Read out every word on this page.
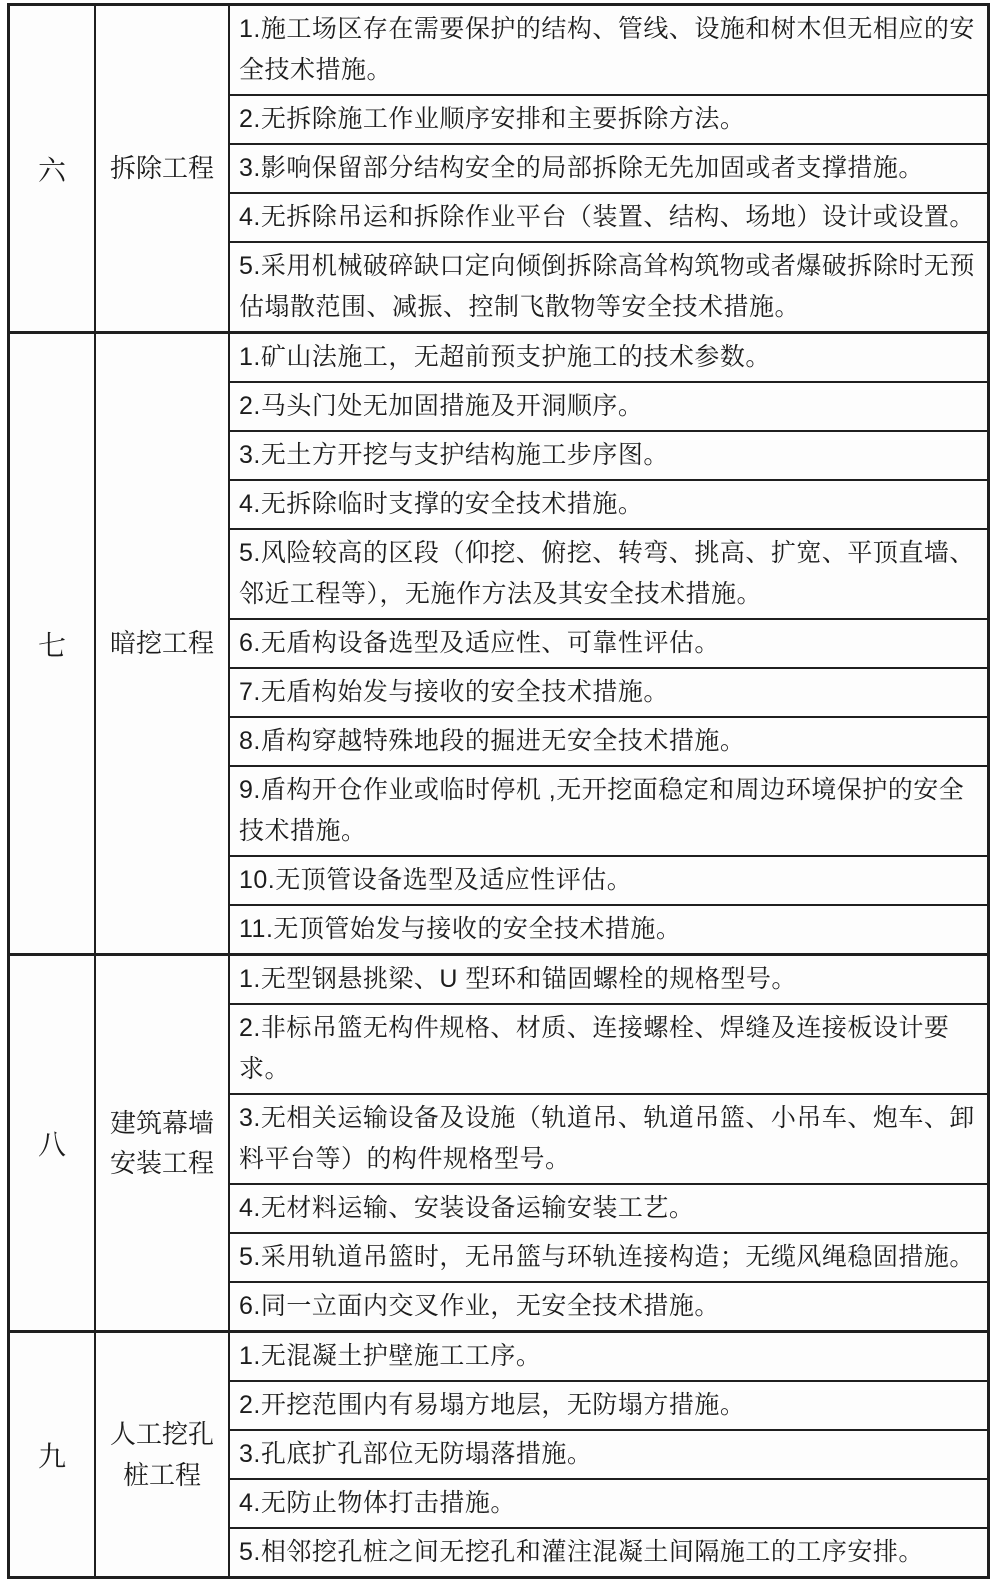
六	拆除工程
1.施工场区存在需要保护的结构、管线、设施和树木但无相应的安全技术措施。
2.无拆除施工作业顺序安排和主要拆除方法。
3.影响保留部分结构安全的局部拆除无先加固或者支撑措施。
4.无拆除吊运和拆除作业平台（装置、结构、场地）设计或设置。
5.采用机械破碎缺口定向倾倒拆除高耸构筑物或者爆破拆除时无预估塌散范围、减振、控制飞散物等安全技术措施。
七	暗挖工程
1.矿山法施工，无超前预支护施工的技术参数。
2.马头门处无加固措施及开洞顺序。
3.无土方开挖与支护结构施工步序图。
4.无拆除临时支撑的安全技术措施。
5.风险较高的区段（仰挖、俯挖、转弯、挑高、扩宽、平顶直墙、邻近工程等），无施作方法及其安全技术措施。
6.无盾构设备选型及适应性、可靠性评估。
7.无盾构始发与接收的安全技术措施。
8.盾构穿越特殊地段的掘进无安全技术措施。
9.盾构开仓作业或临时停机 ,无开挖面稳定和周边环境保护的安全技术措施。
10.无顶管设备选型及适应性评估。
11.无顶管始发与接收的安全技术措施。
八
建筑幕墙安装工程
1.无型钢悬挑梁、U 型环和锚固螺栓的规格型号。
2.非标吊篮无构件规格、材质、连接螺栓、焊缝及连接板设计要求。
3.无相关运输设备及设施（轨道吊、轨道吊篮、小吊车、炮车、卸料平台等）的构件规格型号。
4.无材料运输、安装设备运输安装工艺。
5.采用轨道吊篮时，无吊篮与环轨连接构造；无缆风绳稳固措施。
6.同一立面内交叉作业，无安全技术措施。
九
人工挖孔桩工程
1.无混凝土护壁施工工序。
2.开挖范围内有易塌方地层，无防塌方措施。
3.孔底扩孔部位无防塌落措施。
4.无防止物体打击措施。
5.相邻挖孔桩之间无挖孔和灌注混凝土间隔施工的工序安排。
